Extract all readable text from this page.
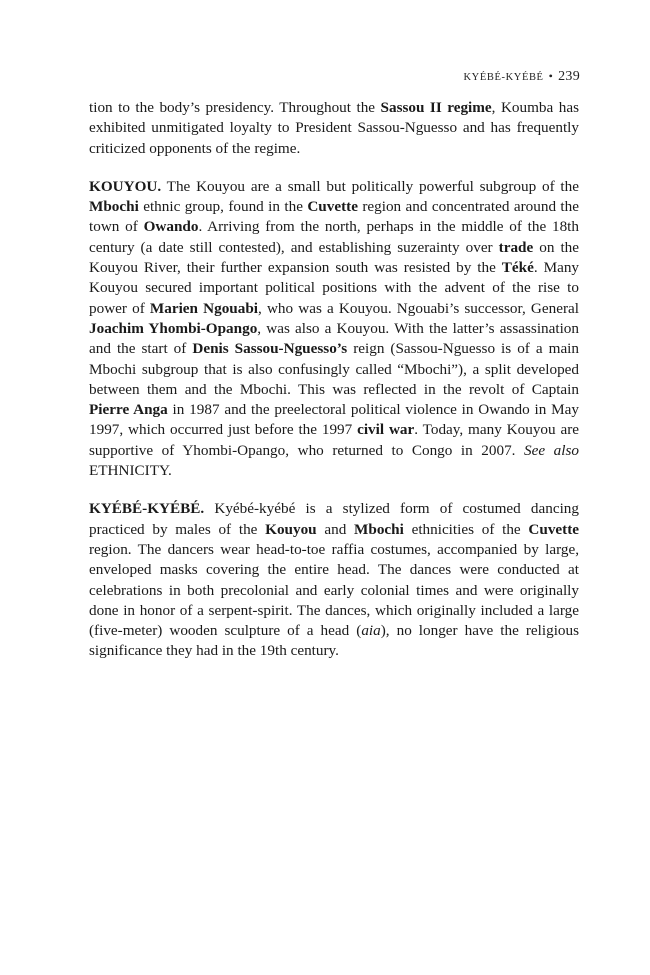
KYÉBÉ-KYÉBÉ • 239

tion to the body’s presidency. Throughout the Sassou II regime, Koumba has exhibited unmitigated loyalty to President Sassou-Nguesso and has frequently criticized opponents of the regime.

KOUYOU. The Kouyou are a small but politically powerful subgroup of the Mbochi ethnic group, found in the Cuvette region and concentrated around the town of Owando. Arriving from the north, perhaps in the middle of the 18th century (a date still contested), and establishing suzerainty over trade on the Kouyou River, their further expansion south was resisted by the Téké. Many Kouyou secured important political positions with the advent of the rise to power of Marien Ngouabi, who was a Kouyou. Ngouabi’s successor, General Joachim Yhombi-Opango, was also a Kouyou. With the latter’s assassination and the start of Denis Sassou-Nguesso’s reign (Sassou-Nguesso is of a main Mbochi subgroup that is also confusingly called “Mbochi”), a split developed between them and the Mbochi. This was reflected in the revolt of Captain Pierre Anga in 1987 and the preelectoral political violence in Owando in May 1997, which occurred just before the 1997 civil war. Today, many Kouyou are supportive of Yhombi-Opango, who returned to Congo in 2007. See also ETHNICITY.

KYÉBÉ-KYÉBÉ. Kyébé-kyébé is a stylized form of costumed dancing practiced by males of the Kouyou and Mbochi ethnicities of the Cuvette region. The dancers wear head-to-toe raffia costumes, accompanied by large, enveloped masks covering the entire head. The dances were conducted at celebrations in both precolonial and early colonial times and were originally done in honor of a serpent-spirit. The dances, which originally included a large (five-meter) wooden sculpture of a head (aia), no longer have the religious significance they had in the 19th century.
